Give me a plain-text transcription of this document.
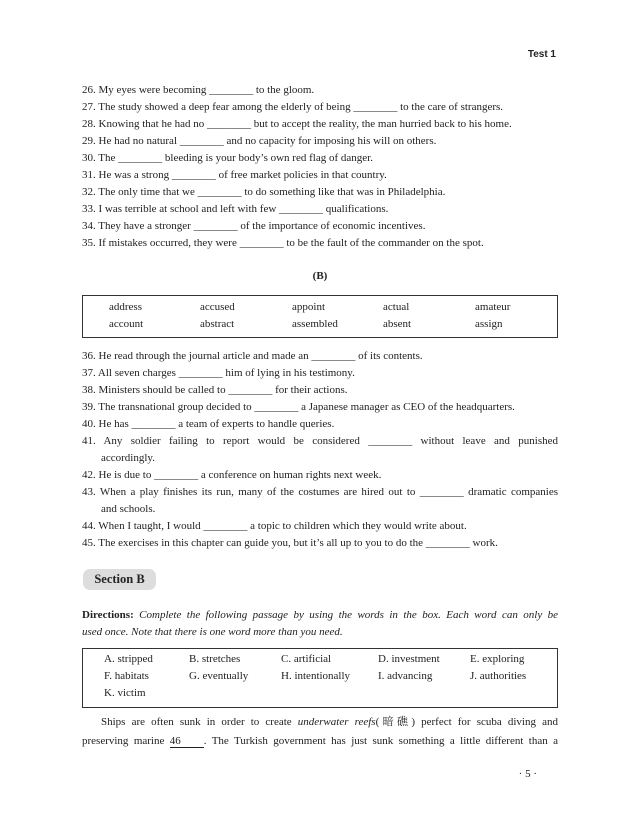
Test 1
26. My eyes were becoming ________ to the gloom.
27. The study showed a deep fear among the elderly of being ________ to the care of strangers.
28. Knowing that he had no ________ but to accept the reality, the man hurried back to his home.
29. He had no natural ________ and no capacity for imposing his will on others.
30. The ________ bleeding is your body’s own red flag of danger.
31. He was a strong ________ of free market policies in that country.
32. The only time that we ________ to do something like that was in Philadelphia.
33. I was terrible at school and left with few ________ qualifications.
34. They have a stronger ________ of the importance of economic incentives.
35. If mistakes occurred, they were ________ to be the fault of the commander on the spot.
(B)
address	accused	appoint	actual	amateur
account	abstract	assembled	absent	assign
36. He read through the journal article and made an ________ of its contents.
37. All seven charges ________ him of lying in his testimony.
38. Ministers should be called to ________ for their actions.
39. The transnational group decided to ________ a Japanese manager as CEO of the headquarters.
40. He has ________ a team of experts to handle queries.
41. Any soldier failing to report would be considered ________ without leave and punished
accordingly.
42. He is due to ________ a conference on human rights next week.
43. When a play finishes its run, many of the costumes are hired out to ________ dramatic companies
and schools.
44. When I taught, I would ________ a topic to children which they would write about.
45. The exercises in this chapter can guide you, but it’s all up to you to do the ________ work.
Section B
Directions: Complete the following passage by using the words in the box. Each word can only be
used once. Note that there is one word more than you need.
A. stripped	B. stretches	C. artificial	D. investment	E. exploring
F. habitats	G. eventually	H. intentionally	I. advancing	J. authorities
K. victim
Ships are often sunk in order to create underwater reefs(暗礁) perfect for scuba diving and
preserving marine 46 . The Turkish government has just sunk something a little different than a
· 5 ·
